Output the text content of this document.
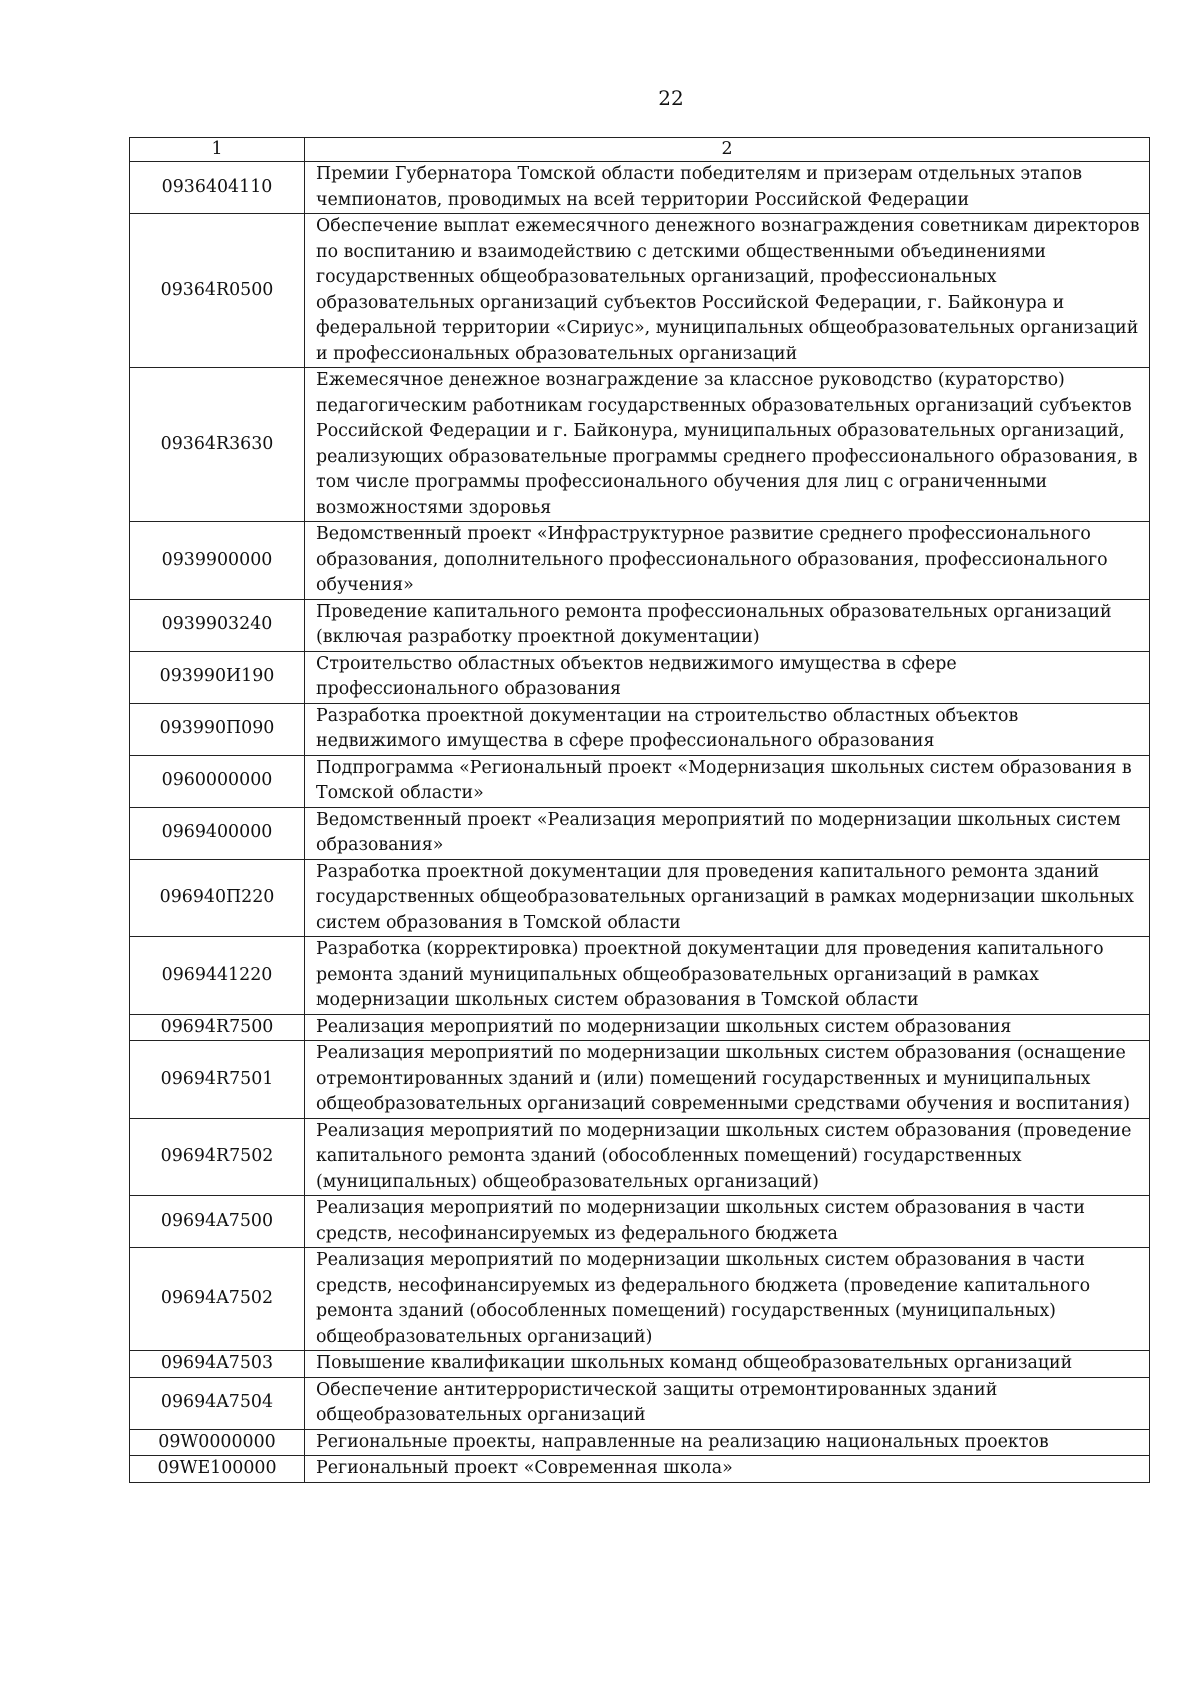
22
1	2
0936404110	Премии Губернатора Томской области победителям и призерам отдельных этапов чемпионатов, проводимых на всей территории Российской Федерации
09364R0500	Обеспечение выплат ежемесячного денежного вознаграждения советникам директоров по воспитанию и взаимодействию с детскими общественными объединениями государственных общеобразовательных организаций, профессиональных образовательных организаций субъектов Российской Федерации, г. Байконура и федеральной территории «Сириус», муниципальных общеобразовательных организаций и профессиональных образовательных организаций
09364R3630	Ежемесячное денежное вознаграждение за классное руководство (кураторство) педагогическим работникам государственных образовательных организаций субъектов Российской Федерации и г. Байконура, муниципальных образовательных организаций, реализующих образовательные программы среднего профессионального образования, в том числе программы профессионального обучения для лиц с ограниченными возможностями здоровья
0939900000	Ведомственный проект «Инфраструктурное развитие среднего профессионального образования, дополнительного профессионального образования, профессионального обучения»
0939903240	Проведение капитального ремонта профессиональных образовательных организаций (включая разработку проектной документации)
093990И190	Строительство областных объектов недвижимого имущества в сфере профессионального образования
093990П090	Разработка проектной документации на строительство областных объектов недвижимого имущества в сфере профессионального образования
0960000000	Подпрограмма «Региональный проект «Модернизация школьных систем образования в Томской области»
0969400000	Ведомственный проект «Реализация мероприятий по модернизации школьных систем образования»
096940П220	Разработка проектной документации для проведения капитального ремонта зданий государственных общеобразовательных организаций в рамках модернизации школьных систем образования в Томской области
0969441220	Разработка (корректировка) проектной документации для проведения капитального ремонта зданий муниципальных общеобразовательных организаций в рамках модернизации школьных систем образования в Томской области
09694R7500	Реализация мероприятий по модернизации школьных систем образования
09694R7501	Реализация мероприятий по модернизации школьных систем образования (оснащение отремонтированных зданий и (или) помещений государственных и муниципальных общеобразовательных организаций современными средствами обучения и воспитания)
09694R7502	Реализация мероприятий по модернизации школьных систем образования (проведение капитального ремонта зданий (обособленных помещений) государственных (муниципальных) общеобразовательных организаций)
09694A7500	Реализация мероприятий по модернизации школьных систем образования в части средств, несофинансируемых из федерального бюджета
09694A7502	Реализация мероприятий по модернизации школьных систем образования в части средств, несофинансируемых из федерального бюджета (проведение капитального ремонта зданий (обособленных помещений) государственных (муниципальных) общеобразовательных организаций)
09694A7503	Повышение квалификации школьных команд общеобразовательных организаций
09694A7504	Обеспечение антитеррористической защиты отремонтированных зданий общеобразовательных организаций
09W0000000	Региональные проекты, направленные на реализацию национальных проектов
09WE100000	Региональный проект «Современная школа»
